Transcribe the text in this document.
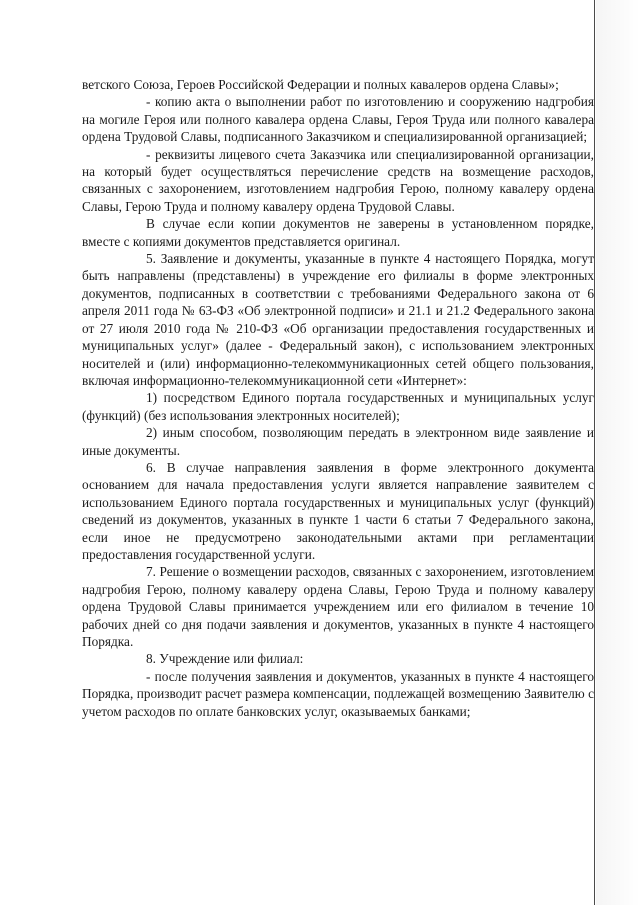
ветского Союза, Героев Российской Федерации и полных кавалеров ордена Славы»;

- копию акта о выполнении работ по изготовлению и сооружению надгробия на могиле Героя или полного кавалера ордена Славы, Героя Труда или полного кавалера ордена Трудовой Славы, подписанного Заказчиком и специализированной организацией;

- реквизиты лицевого счета Заказчика или специализированной организации, на который будет осуществляться перечисление средств на возмещение расходов, связанных с захоронением, изготовлением надгробия Герою, полному кавалеру ордена Славы, Герою Труда и полному кавалеру ордена Трудовой Славы.

В случае если копии документов не заверены в установленном порядке, вместе с копиями документов представляется оригинал.

5. Заявление и документы, указанные в пункте 4 настоящего Порядка, могут быть направлены (представлены) в учреждение его филиалы в форме электронных документов, подписанных в соответствии с требованиями Федерального закона от 6 апреля 2011 года № 63-ФЗ «Об электронной подписи» и 21.1 и 21.2 Федерального закона от 27 июля 2010 года № 210-ФЗ «Об организации предоставления государственных и муниципальных услуг» (далее - Федеральный закон), с использованием электронных носителей и (или) информационно-телекоммуникационных сетей общего пользования, включая информационно-телекоммуникационной сети «Интернет»:

1) посредством Единого портала государственных и муниципальных услуг (функций) (без использования электронных носителей);

2) иным способом, позволяющим передать в электронном виде заявление и иные документы.

6. В случае направления заявления в форме электронного документа основанием для начала предоставления услуги является направление заявителем с использованием Единого портала государственных и муниципальных услуг (функций) сведений из документов, указанных в пункте 1 части 6 статьи 7 Федерального закона, если иное не предусмотрено законодательными актами при регламентации предоставления государственной услуги.

7. Решение о возмещении расходов, связанных с захоронением, изготовлением надгробия Герою, полному кавалеру ордена Славы, Герою Труда и полному кавалеру ордена Трудовой Славы принимается учреждением или его филиалом в течение 10 рабочих дней со дня подачи заявления и документов, указанных в пункте 4 настоящего Порядка.

8. Учреждение или филиал:

- после получения заявления и документов, указанных в пункте 4 настоящего Порядка, производит расчет размера компенсации, подлежащей возмещению Заявителю с учетом расходов по оплате банковских услуг, оказываемых банками;
